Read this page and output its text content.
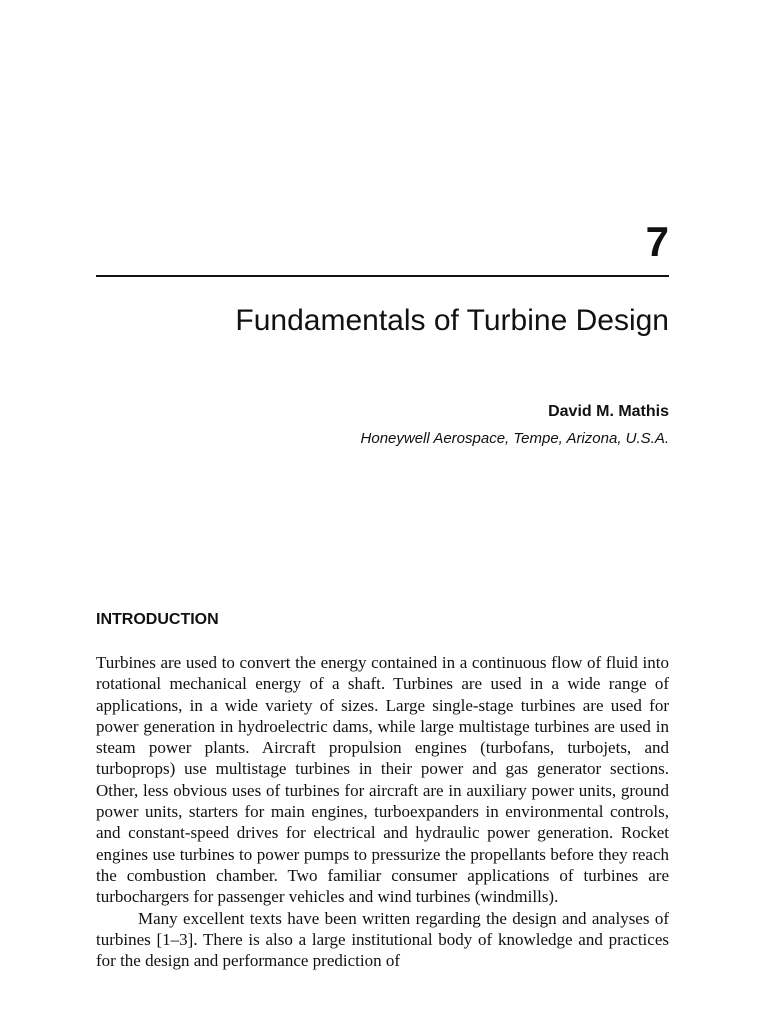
7
Fundamentals of Turbine Design
David M. Mathis
Honeywell Aerospace, Tempe, Arizona, U.S.A.
INTRODUCTION

Turbines are used to convert the energy contained in a continuous flow of fluid into rotational mechanical energy of a shaft. Turbines are used in a wide range of applications, in a wide variety of sizes. Large single-stage turbines are used for power generation in hydroelectric dams, while large multistage turbines are used in steam power plants. Aircraft propulsion engines (turbofans, turbojets, and turboprops) use multistage turbines in their power and gas generator sections. Other, less obvious uses of turbines for aircraft are in auxiliary power units, ground power units, starters for main engines, turboexpanders in environmental controls, and constant-speed drives for electrical and hydraulic power generation. Rocket engines use turbines to power pumps to pressurize the propellants before they reach the combustion chamber. Two familiar consumer applications of turbines are turbochargers for passenger vehicles and wind turbines (windmills).

Many excellent texts have been written regarding the design and analyses of turbines [1–3]. There is also a large institutional body of knowledge and practices for the design and performance prediction of
